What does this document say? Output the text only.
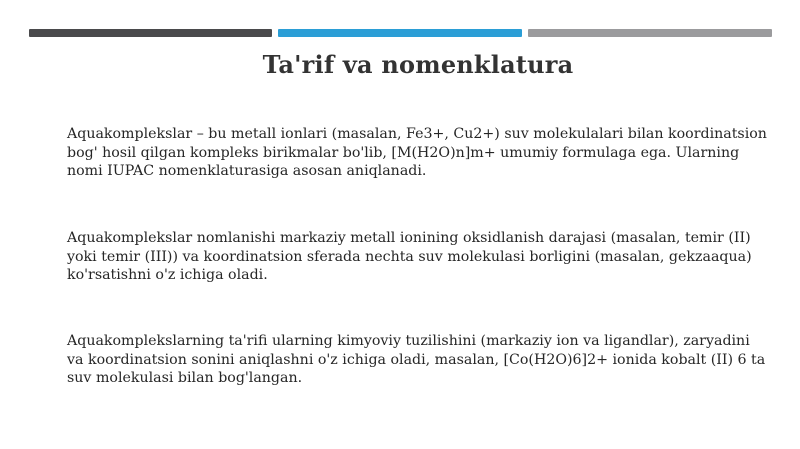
Ta'rif va nomenklatura
Aquakomplekslar – bu metall ionlari (masalan, Fe3+, Cu2+) suv molekulalari bilan koordinatsion bog' hosil qilgan kompleks birikmalar bo'lib, [M(H2O)n]m+ umumiy formulaga ega. Ularning nomi IUPAC nomenklaturasiga asosan aniqlanadi.
Aquakomplekslar nomlanishi markaziy metall ionining oksidlanish darajasi (masalan, temir (II) yoki temir (III)) va koordinatsion sferada nechta suv molekulasi borligini (masalan, gekzaaqua) ko'rsatishni o'z ichiga oladi.
Aquakomplekslarning ta'rifi ularning kimyoviy tuzilishini (markaziy ion va ligandlar), zaryadini va koordinatsion sonini aniqlashni o'z ichiga oladi, masalan, [Co(H2O)6]2+ ionida kobalt (II) 6 ta suv molekulasi bilan bog'langan.
